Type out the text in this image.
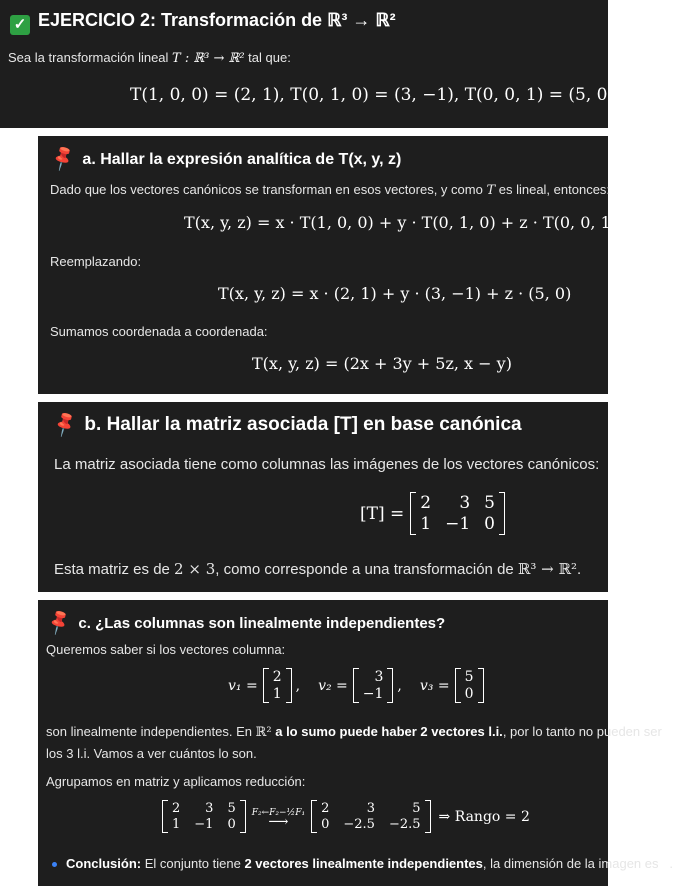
✓ EJERCICIO 2: Transformación de ℝ³ → ℝ²
Sea la transformación lineal T : ℝ³ → ℝ² tal que:
T(1, 0, 0) = (2, 1), T(0, 1, 0) = (3, −1), T(0, 0, 1) = (5, 0)
📌 a. Hallar la expresión analítica de T(x, y, z)
Dado que los vectores canónicos se transforman en esos vectores, y como T es lineal, entonces:
T(x, y, z) = x · T(1, 0, 0) + y · T(0, 1, 0) + z · T(0, 0, 1)
Reemplazando:
T(x, y, z) = x · (2, 1) + y · (3, −1) + z · (5, 0)
Sumamos coordenada a coordenada:
T(x, y, z) = (2x + 3y + 5z, x − y)
📌 b. Hallar la matriz asociada [T] en base canónica
La matriz asociada tiene como columnas las imágenes de los vectores canónicos:
[T] =
2	3 5
1 −1 0
Esta matriz es de 2 × 3, como corresponde a una transformación de ℝ³ → ℝ².
📌 c. ¿Las columnas son linealmente independientes?
Queremos saber si los vectores columna:
v₁ =
2
1
, v₂ =
3
−1
, v₃ =
5
0
son linealmente independientes. En ℝ² a lo sumo puede haber 2 vectores l.i., por lo tanto no pueden ser
los 3 l.i. Vamos a ver cuántos lo son.
Agrupamos en matriz y aplicamos reducción:
2	3 5
1 −1 0
F₂←F₂−½F₁
⟶
2	3	5
0 −2.5 −2.5 ⇒ Rango = 2
Conclusión: El conjunto tiene 2 vectores linealmente independientes, la dimensión de la imagen es 2.
